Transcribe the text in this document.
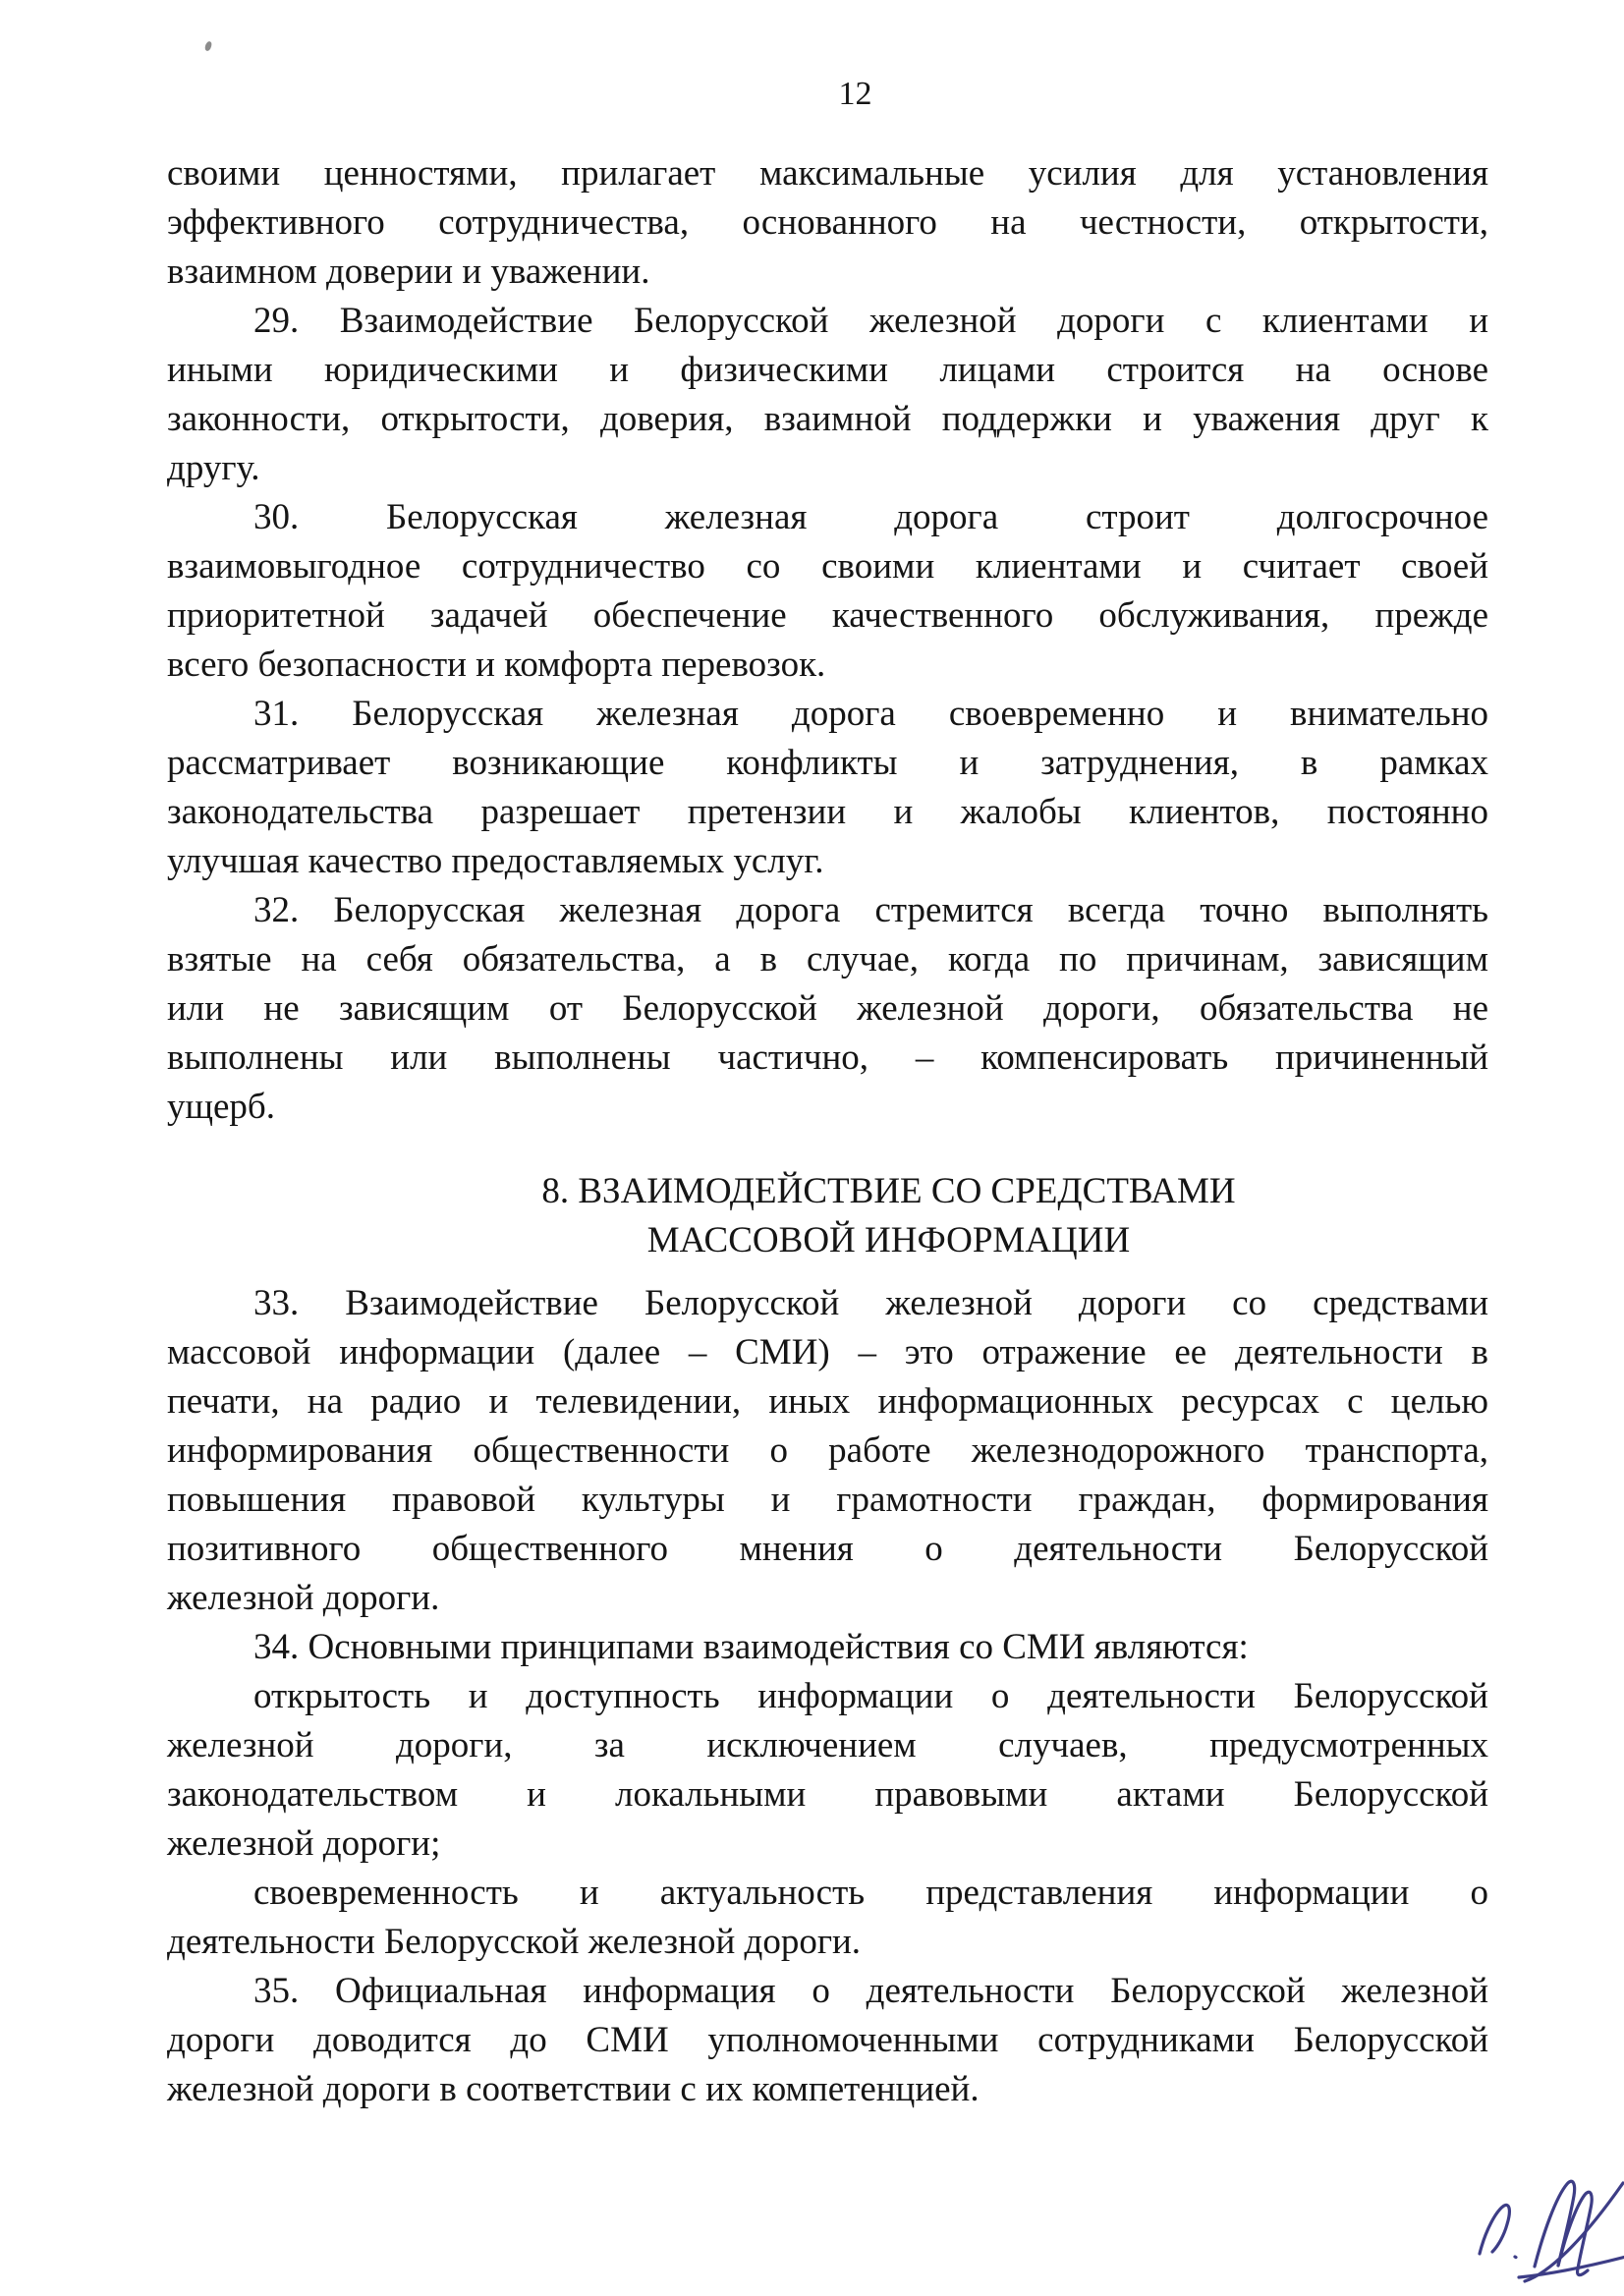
12
своими ценностями, прилагает максимальные усилия для установления
эффективного сотрудничества, основанного на честности, открытости,
взаимном доверии и уважении.
29. Взаимодействие Белорусской железной дороги с клиентами и
иными юридическими и физическими лицами строится на основе
законности, открытости, доверия, взаимной поддержки и уважения друг к
другу.
30. Белорусская железная дорога строит долгосрочное
взаимовыгодное сотрудничество со своими клиентами и считает своей
приоритетной задачей обеспечение качественного обслуживания, прежде
всего безопасности и комфорта перевозок.
31. Белорусская железная дорога своевременно и внимательно
рассматривает возникающие конфликты и затруднения, в рамках
законодательства разрешает претензии и жалобы клиентов, постоянно
улучшая качество предоставляемых услуг.
32. Белорусская железная дорога стремится всегда точно выполнять
взятые на себя обязательства, а в случае, когда по причинам, зависящим
или не зависящим от Белорусской железной дороги, обязательства не
выполнены или выполнены частично, – компенсировать причиненный
ущерб.
8. ВЗАИМОДЕЙСТВИЕ СО СРЕДСТВАМИ
МАССОВОЙ ИНФОРМАЦИИ
33. Взаимодействие Белорусской железной дороги со средствами
массовой информации (далее – СМИ) – это отражение ее деятельности в
печати, на радио и телевидении, иных информационных ресурсах с целью
информирования общественности о работе железнодорожного транспорта,
повышения правовой культуры и грамотности граждан, формирования
позитивного общественного мнения о деятельности Белорусской
железной дороги.
34. Основными принципами взаимодействия со СМИ являются:
открытость и доступность информации о деятельности Белорусской
железной дороги, за исключением случаев, предусмотренных
законодательством и локальными правовыми актами Белорусской
железной дороги;
своевременность и актуальность представления информации о
деятельности Белорусской железной дороги.
35. Официальная информация о деятельности Белорусской железной
дороги доводится до СМИ уполномоченными сотрудниками Белорусской
железной дороги в соответствии с их компетенцией.
